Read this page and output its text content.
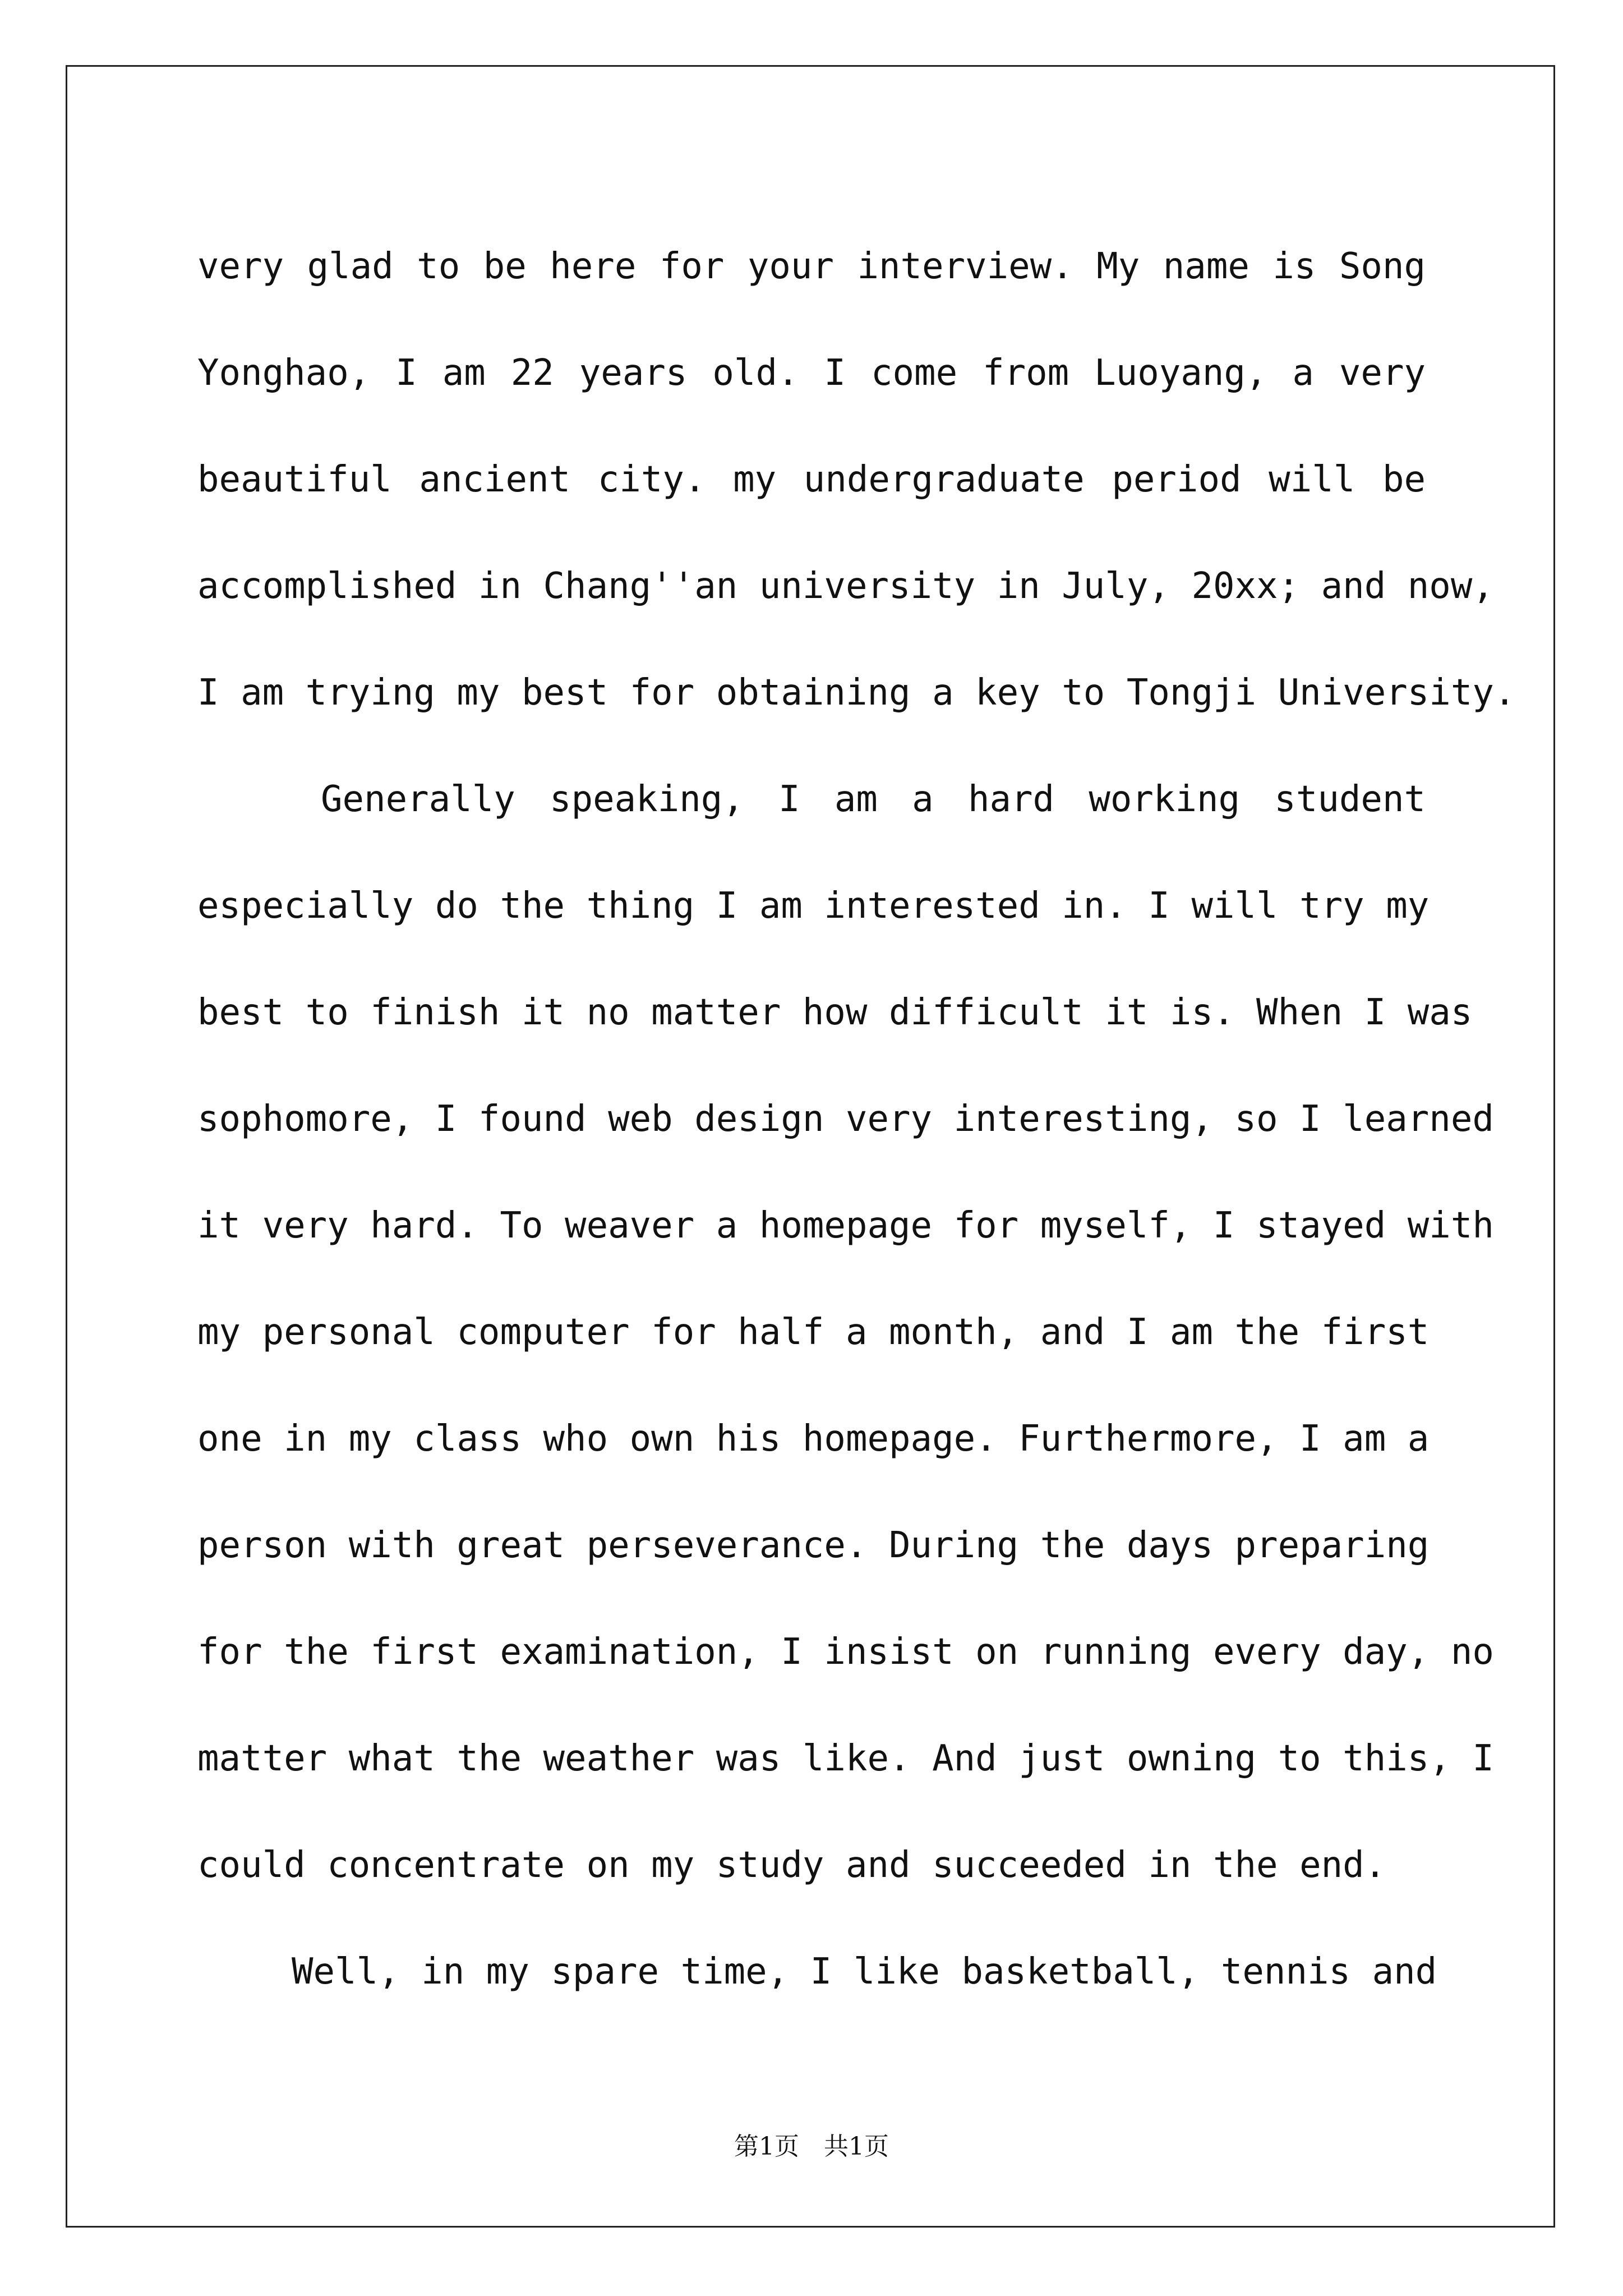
very glad to be here for your interview. My name is Song
Yonghao, I am 22 years old. I come from Luoyang, a very
beautiful ancient city. my undergraduate period will be
accomplished in Chang''an university in July, 20xx; and now,
I am trying my best for obtaining a key to Tongji University.
Generally speaking, I am a hard working student
especially do the thing I am interested in. I will try my
best to finish it no matter how difficult it is. When I was
sophomore, I found web design very interesting, so I learned
it very hard. To weaver a homepage for myself, I stayed with
my personal computer for half a month, and I am the first
one in my class who own his homepage. Furthermore, I am a
person with great perseverance. During the days preparing
for the first examination, I insist on running every day, no
matter what the weather was like. And just owning to this, I
could concentrate on my study and succeeded in the end.
Well, in my spare time, I like basketball, tennis and
第1页　共1页
